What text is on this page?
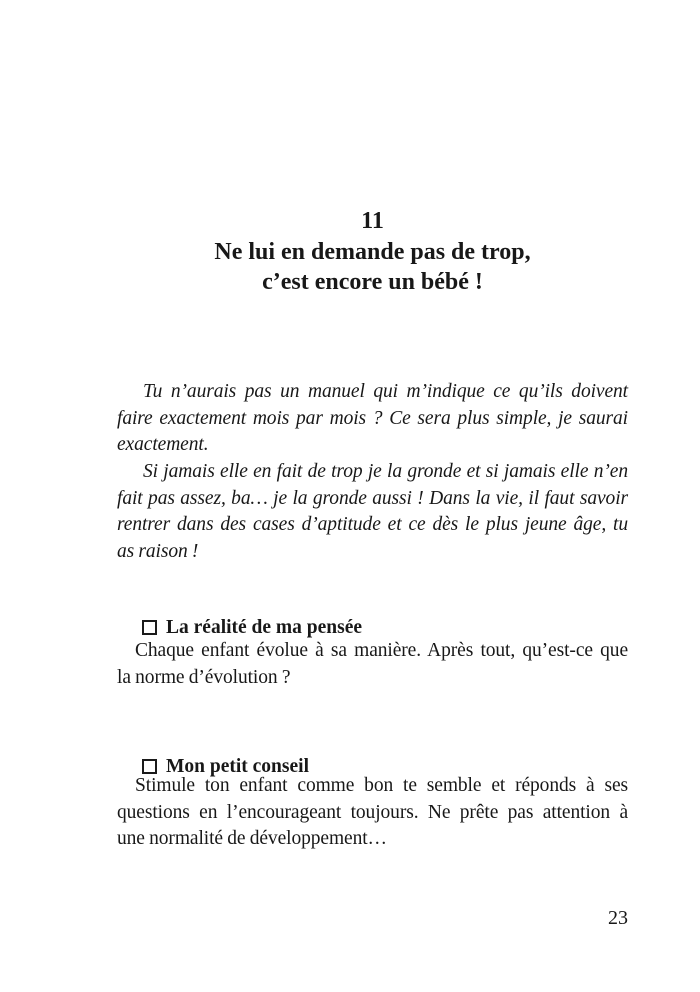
11
Ne lui en demande pas de trop,
c’est encore un bébé !
Tu n’aurais pas un manuel qui m’indique ce qu’ils doivent
faire exactement mois par mois ? Ce sera plus simple, je saurai
exactement.
Si jamais elle en fait de trop je la gronde et si jamais elle n’en
fait pas assez, ba… je la gronde aussi ! Dans la vie, il faut savoir
rentrer dans des cases d’aptitude et ce dès le plus jeune âge, tu
as raison !
La réalité de ma pensée
Chaque enfant évolue à sa manière. Après tout, qu’est-ce que
la norme d’évolution ?
Mon petit conseil
Stimule ton enfant comme bon te semble et réponds à ses
questions en l’encourageant toujours. Ne prête pas attention à
une normalité de développement…
23
